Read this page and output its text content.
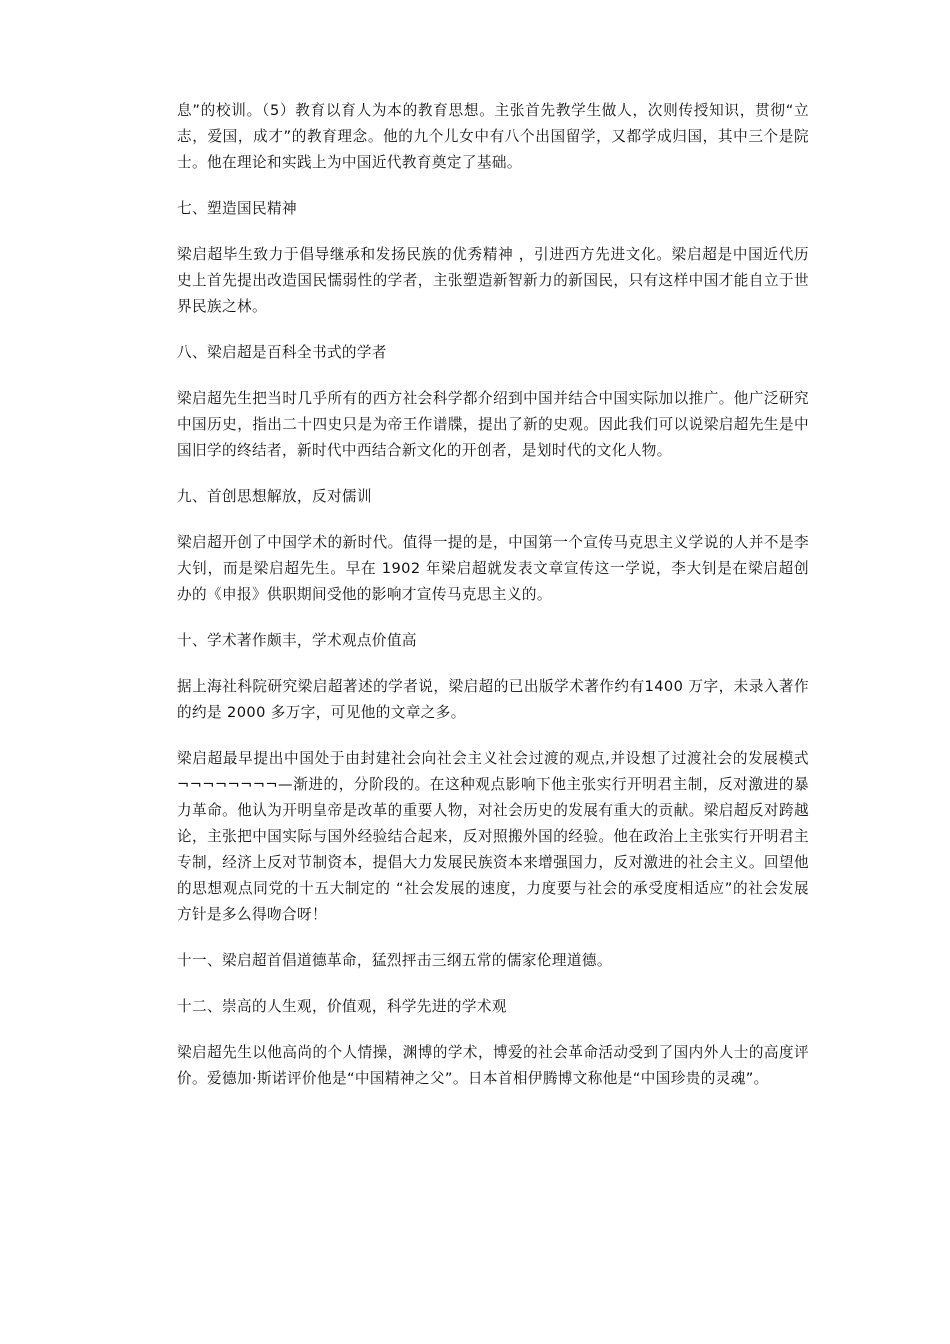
息”的校训。（5）教育以育人为本的教育思想。主张首先教学生做人，次则传授知识，贯彻“立志，爱国，成才”的教育理念。他的九个儿女中有八个出国留学，又都学成归国，其中三个是院士。他在理论和实践上为中国近代教育奠定了基础。

七、塑造国民精神

梁启超毕生致力于倡导继承和发扬民族的优秀精神 ，引进西方先进文化。梁启超是中国近代历史上首先提出改造国民懦弱性的学者，主张塑造新智新力的新国民，只有这样中国才能自立于世界民族之林。

八、梁启超是百科全书式的学者

梁启超先生把当时几乎所有的西方社会科学都介绍到中国并结合中国实际加以推广。他广泛研究中国历史，指出二十四史只是为帝王作谱牒，提出了新的史观。因此我们可以说梁启超先生是中国旧学的终结者，新时代中西结合新文化的开创者，是划时代的文化人物。

九、首创思想解放，反对儒训

梁启超开创了中国学术的新时代。值得一提的是，中国第一个宣传马克思主义学说的人并不是李大钊，而是梁启超先生。早在 1902 年梁启超就发表文章宣传这一学说，李大钊是在梁启超创办的《申报》供职期间受他的影响才宣传马克思主义的。

十、学术著作颇丰，学术观点价值高

据上海社科院研究梁启超著述的学者说，梁启超的已出版学术著作约有1400 万字，未录入著作的约是 2000 多万字，可见他的文章之多。

梁启超最早提出中国处于由封建社会向社会主义社会过渡的观点,并设想了过渡社会的发展模式¬¬¬¬¬¬¬¬—渐进的，分阶段的。在这种观点影响下他主张实行开明君主制，反对激进的暴力革命。他认为开明皇帝是改革的重要人物，对社会历史的发展有重大的贡献。梁启超反对跨越论，主张把中国实际与国外经验结合起来，反对照搬外国的经验。他在政治上主张实行开明君主专制，经济上反对节制资本，提倡大力发展民族资本来增强国力，反对激进的社会主义。回望他的思想观点同党的十五大制定的 “社会发展的速度，力度要与社会的承受度相适应”的社会发展方针是多么得吻合呀！

十一、梁启超首倡道德革命，猛烈抨击三纲五常的儒家伦理道德。

十二、崇高的人生观，价值观，科学先进的学术观

梁启超先生以他高尚的个人情操，渊博的学术，博爱的社会革命活动受到了国内外人士的高度评价。爱德加·斯诺评价他是“中国精神之父”。日本首相伊腾博文称他是“中国珍贵的灵魂”。
